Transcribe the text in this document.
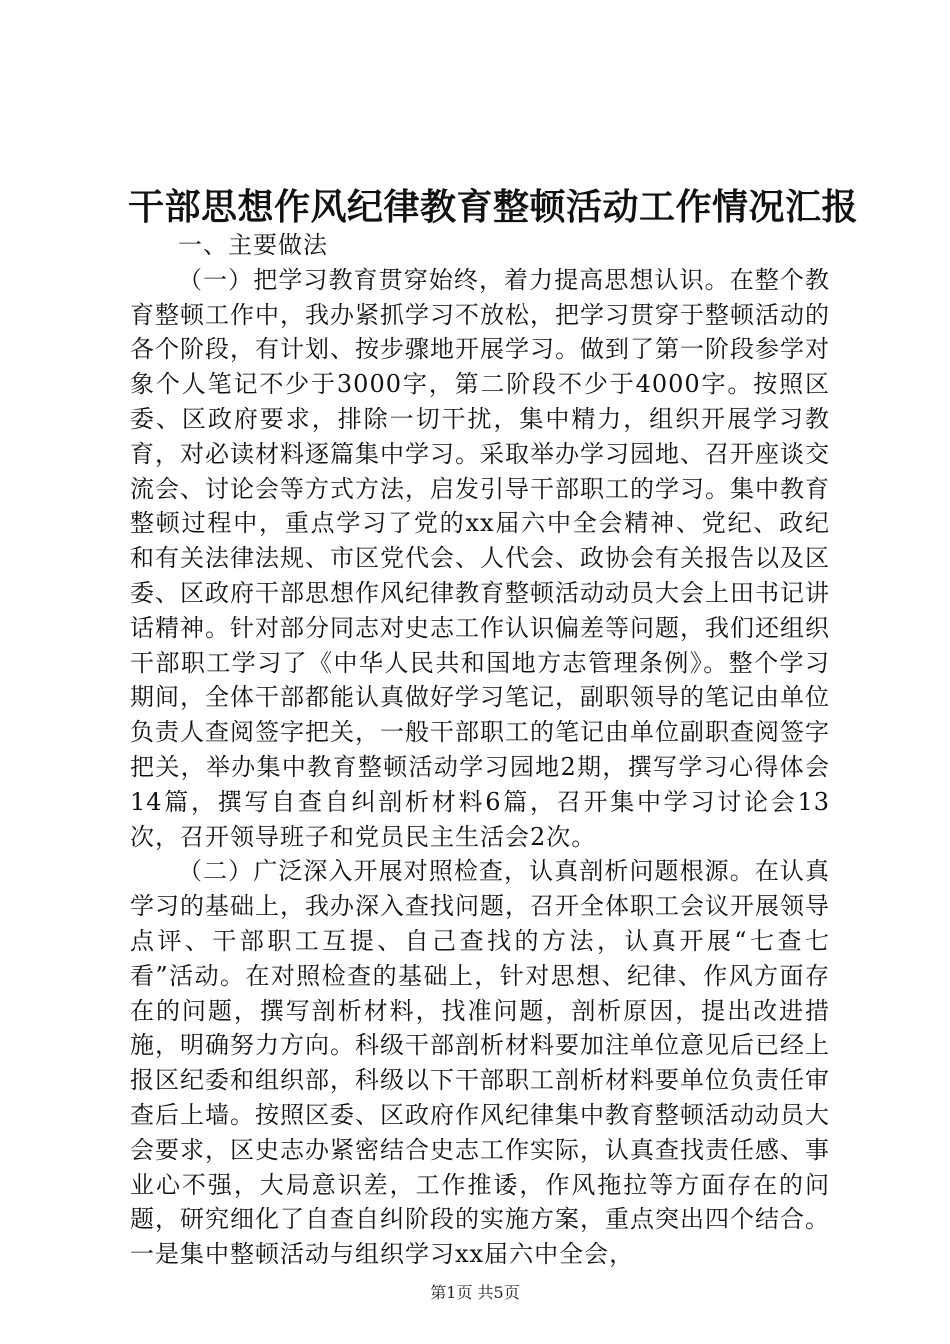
干部思想作风纪律教育整顿活动工作情况汇报

一、主要做法

（一）把学习教育贯穿始终，着力提高思想认识。在整个教育整顿工作中，我办紧抓学习不放松，把学习贯穿于整顿活动的各个阶段，有计划、按步骤地开展学习。做到了第一阶段参学对象个人笔记不少于3000字，第二阶段不少于4000字。按照区委、区政府要求，排除一切干扰，集中精力，组织开展学习教育，对必读材料逐篇集中学习。采取举办学习园地、召开座谈交流会、讨论会等方式方法，启发引导干部职工的学习。集中教育整顿过程中，重点学习了党的xx届六中全会精神、党纪、政纪和有关法律法规、市区党代会、人代会、政协会有关报告以及区委、区政府干部思想作风纪律教育整顿活动动员大会上田书记讲话精神。针对部分同志对史志工作认识偏差等问题，我们还组织干部职工学习了《中华人民共和国地方志管理条例》。整个学习期间，全体干部都能认真做好学习笔记，副职领导的笔记由单位负责人查阅签字把关，一般干部职工的笔记由单位副职查阅签字把关，举办集中教育整顿活动学习园地2期，撰写学习心得体会14篇，撰写自查自纠剖析材料6篇，召开集中学习讨论会13次，召开领导班子和党员民主生活会2次。

（二）广泛深入开展对照检查，认真剖析问题根源。在认真学习的基础上，我办深入查找问题，召开全体职工会议开展领导点评、干部职工互提、自己查找的方法，认真开展“七查七看”活动。在对照检查的基础上，针对思想、纪律、作风方面存在的问题，撰写剖析材料，找准问题，剖析原因，提出改进措施，明确努力方向。科级干部剖析材料要加注单位意见后已经上报区纪委和组织部，科级以下干部职工剖析材料要单位负责任审查后上墙。按照区委、区政府作风纪律集中教育整顿活动动员大会要求，区史志办紧密结合史志工作实际，认真查找责任感、事业心不强，大局意识差，工作推诿，作风拖拉等方面存在的问题，研究细化了自查自纠阶段的实施方案，重点突出四个结合。一是集中整顿活动与组织学习xx届六中全会，

第1页 共5页
